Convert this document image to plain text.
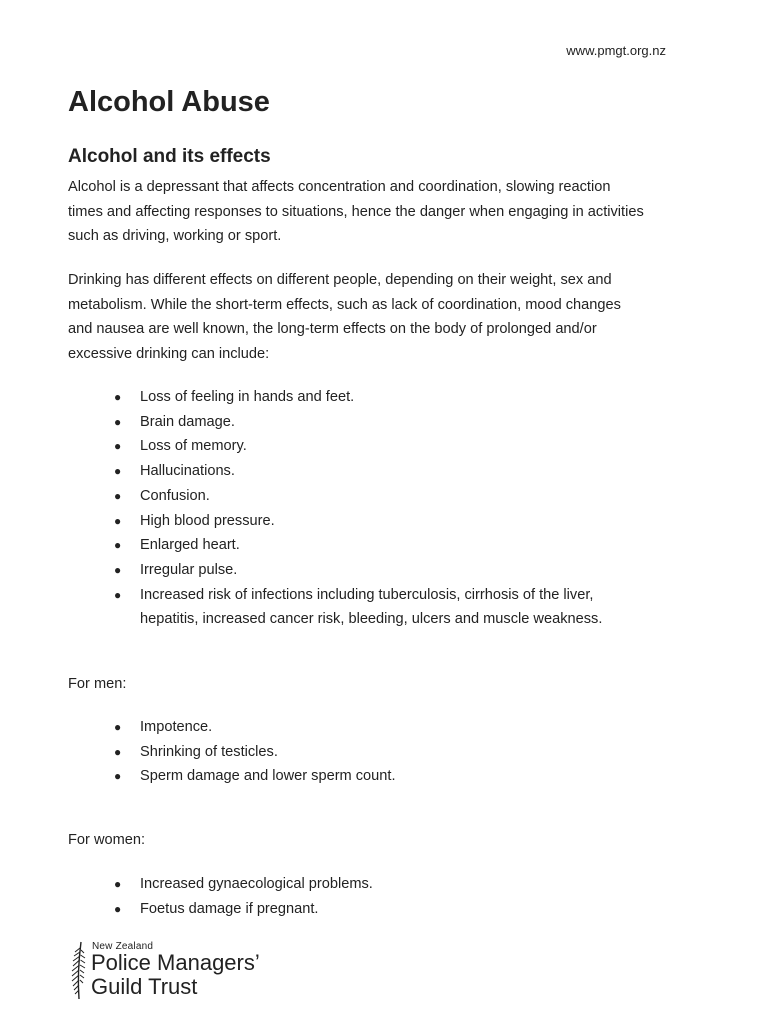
www.pmgt.org.nz
Alcohol Abuse
Alcohol and its effects

Alcohol is a depressant that affects concentration and coordination, slowing reaction times and affecting responses to situations, hence the danger when engaging in activities such as driving, working or sport.

Drinking has different effects on different people, depending on their weight, sex and metabolism. While the short-term effects, such as lack of coordination, mood changes and nausea are well known, the long-term effects on the body of prolonged and/or excessive drinking can include:

● Loss of feeling in hands and feet.
● Brain damage.
● Loss of memory.
● Hallucinations.
● Confusion.
● High blood pressure.
● Enlarged heart.
● Irregular pulse.
● Increased risk of infections including tuberculosis, cirrhosis of the liver, hepatitis, increased cancer risk, bleeding, ulcers and muscle weakness.

For men:

● Impotence.
● Shrinking of testicles.
● Sperm damage and lower sperm count.

For women:

● Increased gynaecological problems.
● Foetus damage if pregnant.
New Zealand
Police Managers’
Guild Trust
